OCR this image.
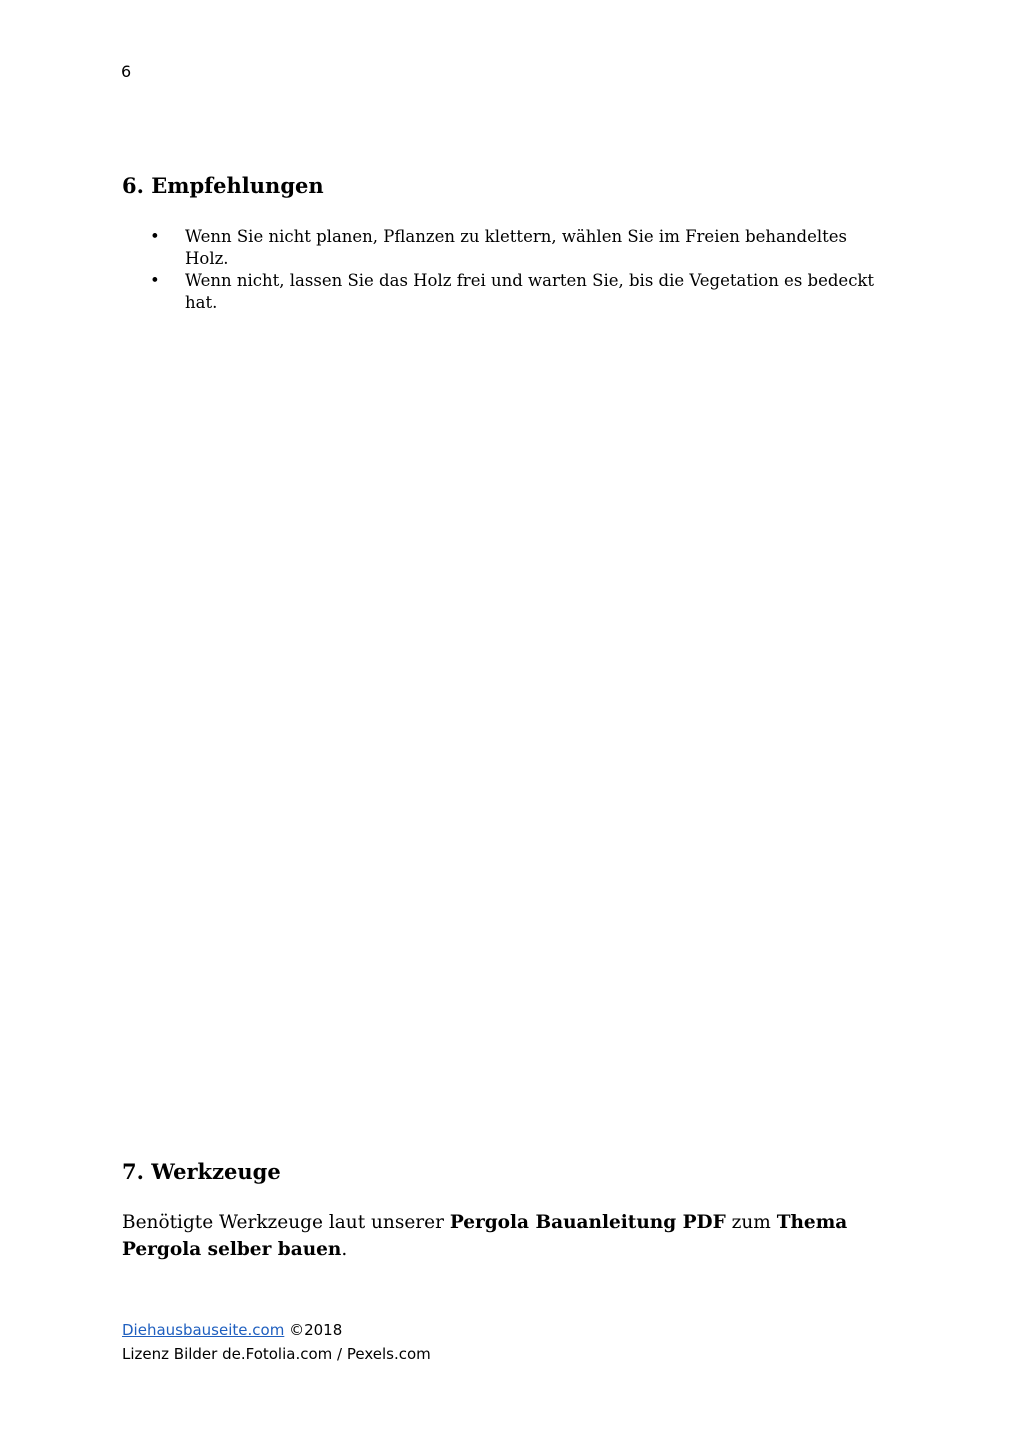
6
6. Empfehlungen
• Wenn Sie nicht planen, Pflanzen zu klettern, wählen Sie im Freien behandeltes Holz.
• Wenn nicht, lassen Sie das Holz frei und warten Sie, bis die Vegetation es bedeckt hat.
7. Werkzeuge

Benötigte Werkzeuge laut unserer Pergola Bauanleitung PDF zum Thema Pergola selber bauen.

Diehausbauseite.com ©2018
Lizenz Bilder de.Fotolia.com / Pexels.com
